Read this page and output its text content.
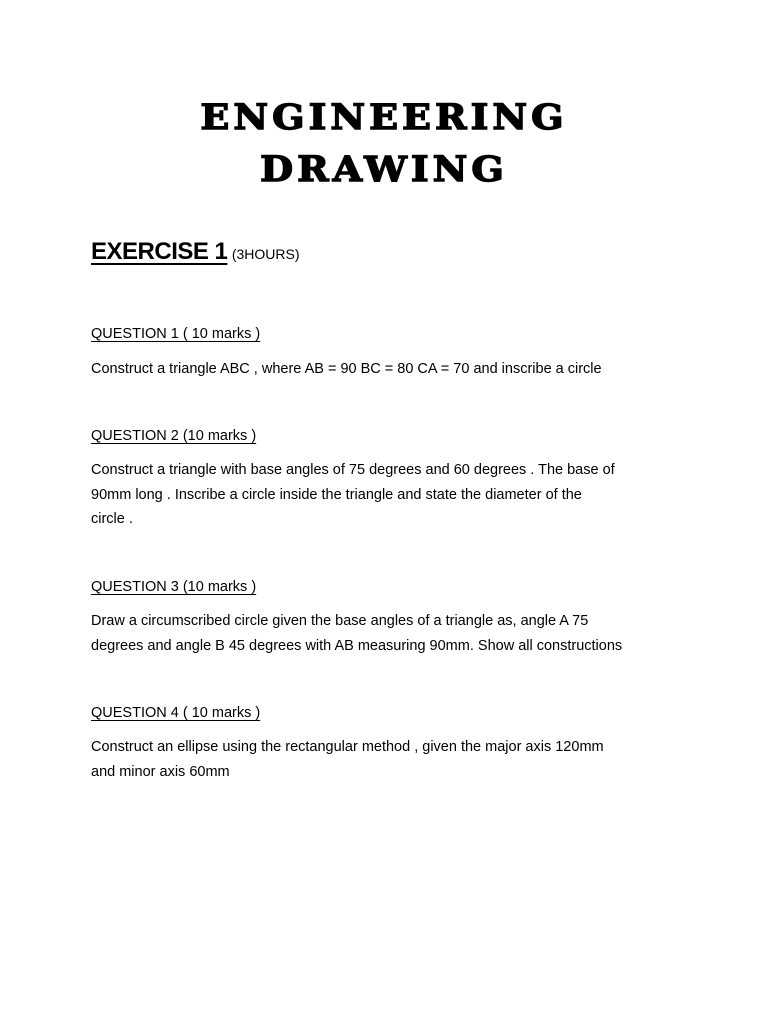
ENGINEERING
DRAWING
EXERCISE 1 (3HOURS)
QUESTION 1 ( 10 marks )
Construct a triangle ABC , where AB = 90 BC = 80 CA = 70 and inscribe a circle
QUESTION 2 (10 marks )
Construct a triangle with base angles of 75 degrees and 60 degrees . The base of
90mm long . Inscribe a circle inside the triangle and state the diameter of the
circle .
QUESTION 3 (10 marks )
Draw a circumscribed circle given the base angles of a triangle as, angle A 75
degrees and angle B 45 degrees with AB measuring 90mm. Show all constructions
QUESTION 4 ( 10 marks )
Construct an ellipse using the rectangular method , given the major axis 120mm
and minor axis 60mm
